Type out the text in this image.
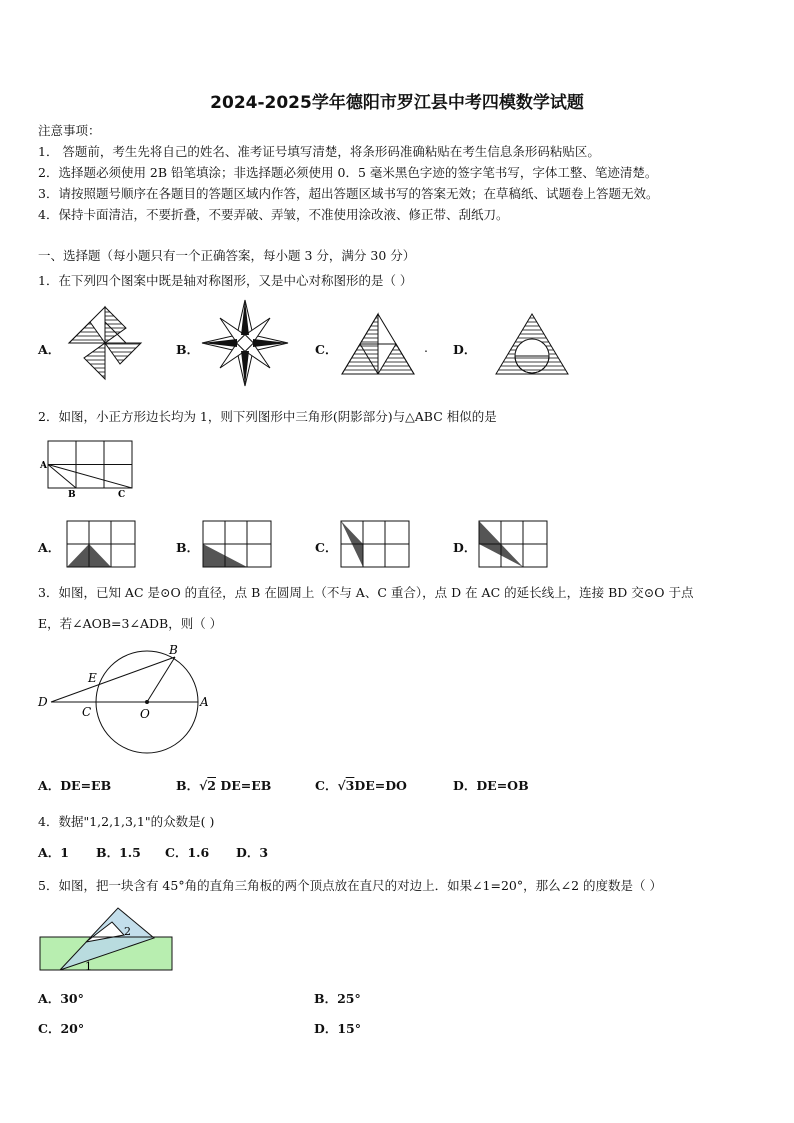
2024-2025学年德阳市罗江县中考四模数学试题
注意事项：
1． 答题前，考生先将自己的姓名、准考证号填写清楚，将条形码准确粘贴在考生信息条形码粘贴区。
2．选择题必须使用 2B 铅笔填涂；非选择题必须使用 0．5 毫米黑色字迹的签字笔书写，字体工整、笔迹清楚。
3．请按照题号顺序在各题目的答题区域内作答，超出答题区域书写的答案无效；在草稿纸、试题卷上答题无效。
4．保持卡面清洁，不要折叠，不要弄破、弄皱，不准使用涂改液、修正带、刮纸刀。
一、选择题（每小题只有一个正确答案，每小题 3 分，满分 30 分）
1．在下列四个图案中既是轴对称图形，又是中心对称图形的是（ ）
A．	B．	C．	. D．
2．如图，小正方形边长均为 1，则下列图形中三角形(阴影部分)与△ABC 相似的是
A
B	C
A．	B．	C．	D．
3．如图，已知 AC 是⊙O 的直径，点 B 在圆周上（不与 A、C 重合），点 D 在 AC 的延长线上，连接 BD 交⊙O 于点
E，若∠AOB=3∠ADB，则（ ）
B
E
D
C	O
A
A．DE=EB	B．√2 DE=EB	C．√3DE=DO	D．DE=OB
4．数据"1,2,1,3,1"的众数是( )
A．1 B．1.5 C．1.6 D．3
5．如图，把一块含有 45°角的直角三角板的两个顶点放在直尺的对边上．如果∠1=20°，那么∠2 的度数是（ ）
1
2
A．30°	B．25°
C．20°	D．15°
